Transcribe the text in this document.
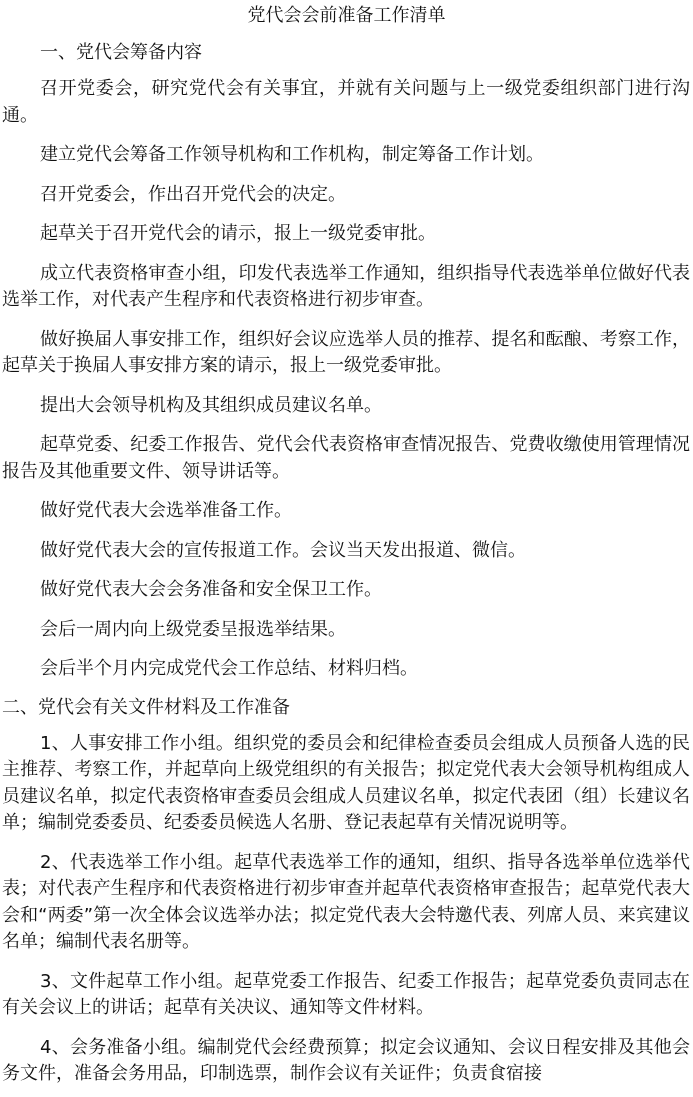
党代会会前准备工作清单
一、党代会筹备内容

召开党委会，研究党代会有关事宜，并就有关问题与上一级党委组织部门进行沟通。

建立党代会筹备工作领导机构和工作机构，制定筹备工作计划。

召开党委会，作出召开党代会的决定。

起草关于召开党代会的请示，报上一级党委审批。

成立代表资格审查小组，印发代表选举工作通知，组织指导代表选举单位做好代表选举工作，对代表产生程序和代表资格进行初步审查。

做好换届人事安排工作，组织好会议应选举人员的推荐、提名和酝酿、考察工作，起草关于换届人事安排方案的请示，报上一级党委审批。

提出大会领导机构及其组织成员建议名单。

起草党委、纪委工作报告、党代会代表资格审查情况报告、党费收缴使用管理情况报告及其他重要文件、领导讲话等。

做好党代表大会选举准备工作。

做好党代表大会的宣传报道工作。会议当天发出报道、微信。

做好党代表大会会务准备和安全保卫工作。

会后一周内向上级党委呈报选举结果。

会后半个月内完成党代会工作总结、材料归档。

二、党代会有关文件材料及工作准备

1、人事安排工作小组。组织党的委员会和纪律检查委员会组成人员预备人选的民主推荐、考察工作，并起草向上级党组织的有关报告；拟定党代表大会领导机构组成人员建议名单，拟定代表资格审查委员会组成人员建议名单，拟定代表团（组）长建议名单；编制党委委员、纪委委员候选人名册、登记表起草有关情况说明等。

2、代表选举工作小组。起草代表选举工作的通知，组织、指导各选举单位选举代表；对代表产生程序和代表资格进行初步审查并起草代表资格审查报告；起草党代表大会和“两委”第一次全体会议选举办法；拟定党代表大会特邀代表、列席人员、来宾建议名单；编制代表名册等。

3、文件起草工作小组。起草党委工作报告、纪委工作报告；起草党委负责同志在有关会议上的讲话；起草有关决议、通知等文件材料。

4、会务准备小组。编制党代会经费预算；拟定会议通知、会议日程安排及其他会务文件，准备会务用品，印制选票，制作会议有关证件；负责食宿接
